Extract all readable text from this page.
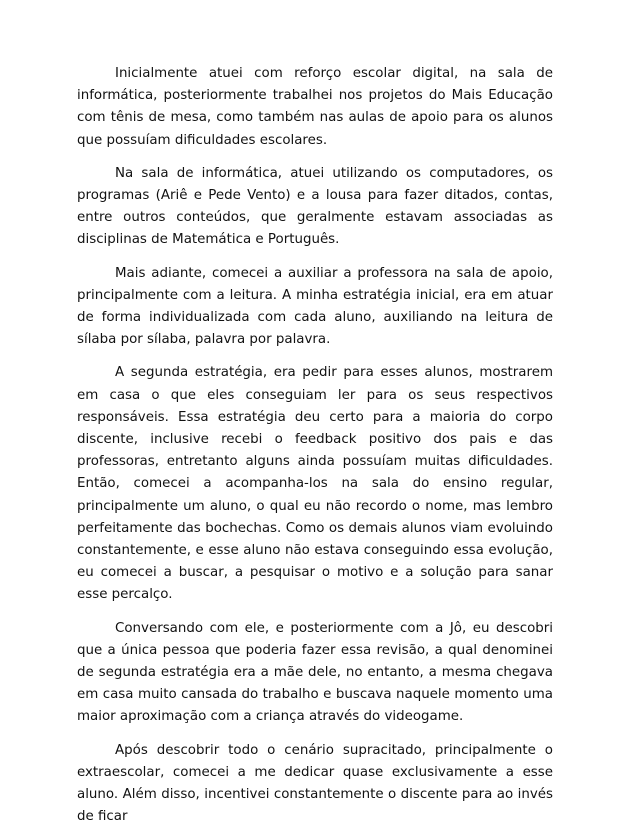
Inicialmente atuei com reforço escolar digital, na sala de informática, posteriormente trabalhei nos projetos do Mais Educação com tênis de mesa, como também nas aulas de apoio para os alunos que possuíam dificuldades escolares.

Na sala de informática, atuei utilizando os computadores, os programas (Ariê e Pede Vento) e a lousa para fazer ditados, contas, entre outros conteúdos, que geralmente estavam associadas as disciplinas de Matemática e Português.

Mais adiante, comecei a auxiliar a professora na sala de apoio, principalmente com a leitura. A minha estratégia inicial, era em atuar de forma individualizada com cada aluno, auxiliando na leitura de sílaba por sílaba, palavra por palavra.

A segunda estratégia, era pedir para esses alunos, mostrarem em casa o que eles conseguiam ler para os seus respectivos responsáveis. Essa estratégia deu certo para a maioria do corpo discente, inclusive recebi o feedback positivo dos pais e das professoras, entretanto alguns ainda possuíam muitas dificuldades. Então, comecei a acompanha-los na sala do ensino regular, principalmente um aluno, o qual eu não recordo o nome, mas lembro perfeitamente das bochechas. Como os demais alunos viam evoluindo constantemente, e esse aluno não estava conseguindo essa evolução, eu comecei a buscar, a pesquisar o motivo e a solução para sanar esse percalço.

Conversando com ele, e posteriormente com a Jô, eu descobri que a única pessoa que poderia fazer essa revisão, a qual denominei de segunda estratégia era a mãe dele, no entanto, a mesma chegava em casa muito cansada do trabalho e buscava naquele momento uma maior aproximação com a criança através do videogame.

Após descobrir todo o cenário supracitado, principalmente o extraescolar, comecei a me dedicar quase exclusivamente a esse aluno. Além disso, incentivei constantemente o discente para ao invés de ficar
